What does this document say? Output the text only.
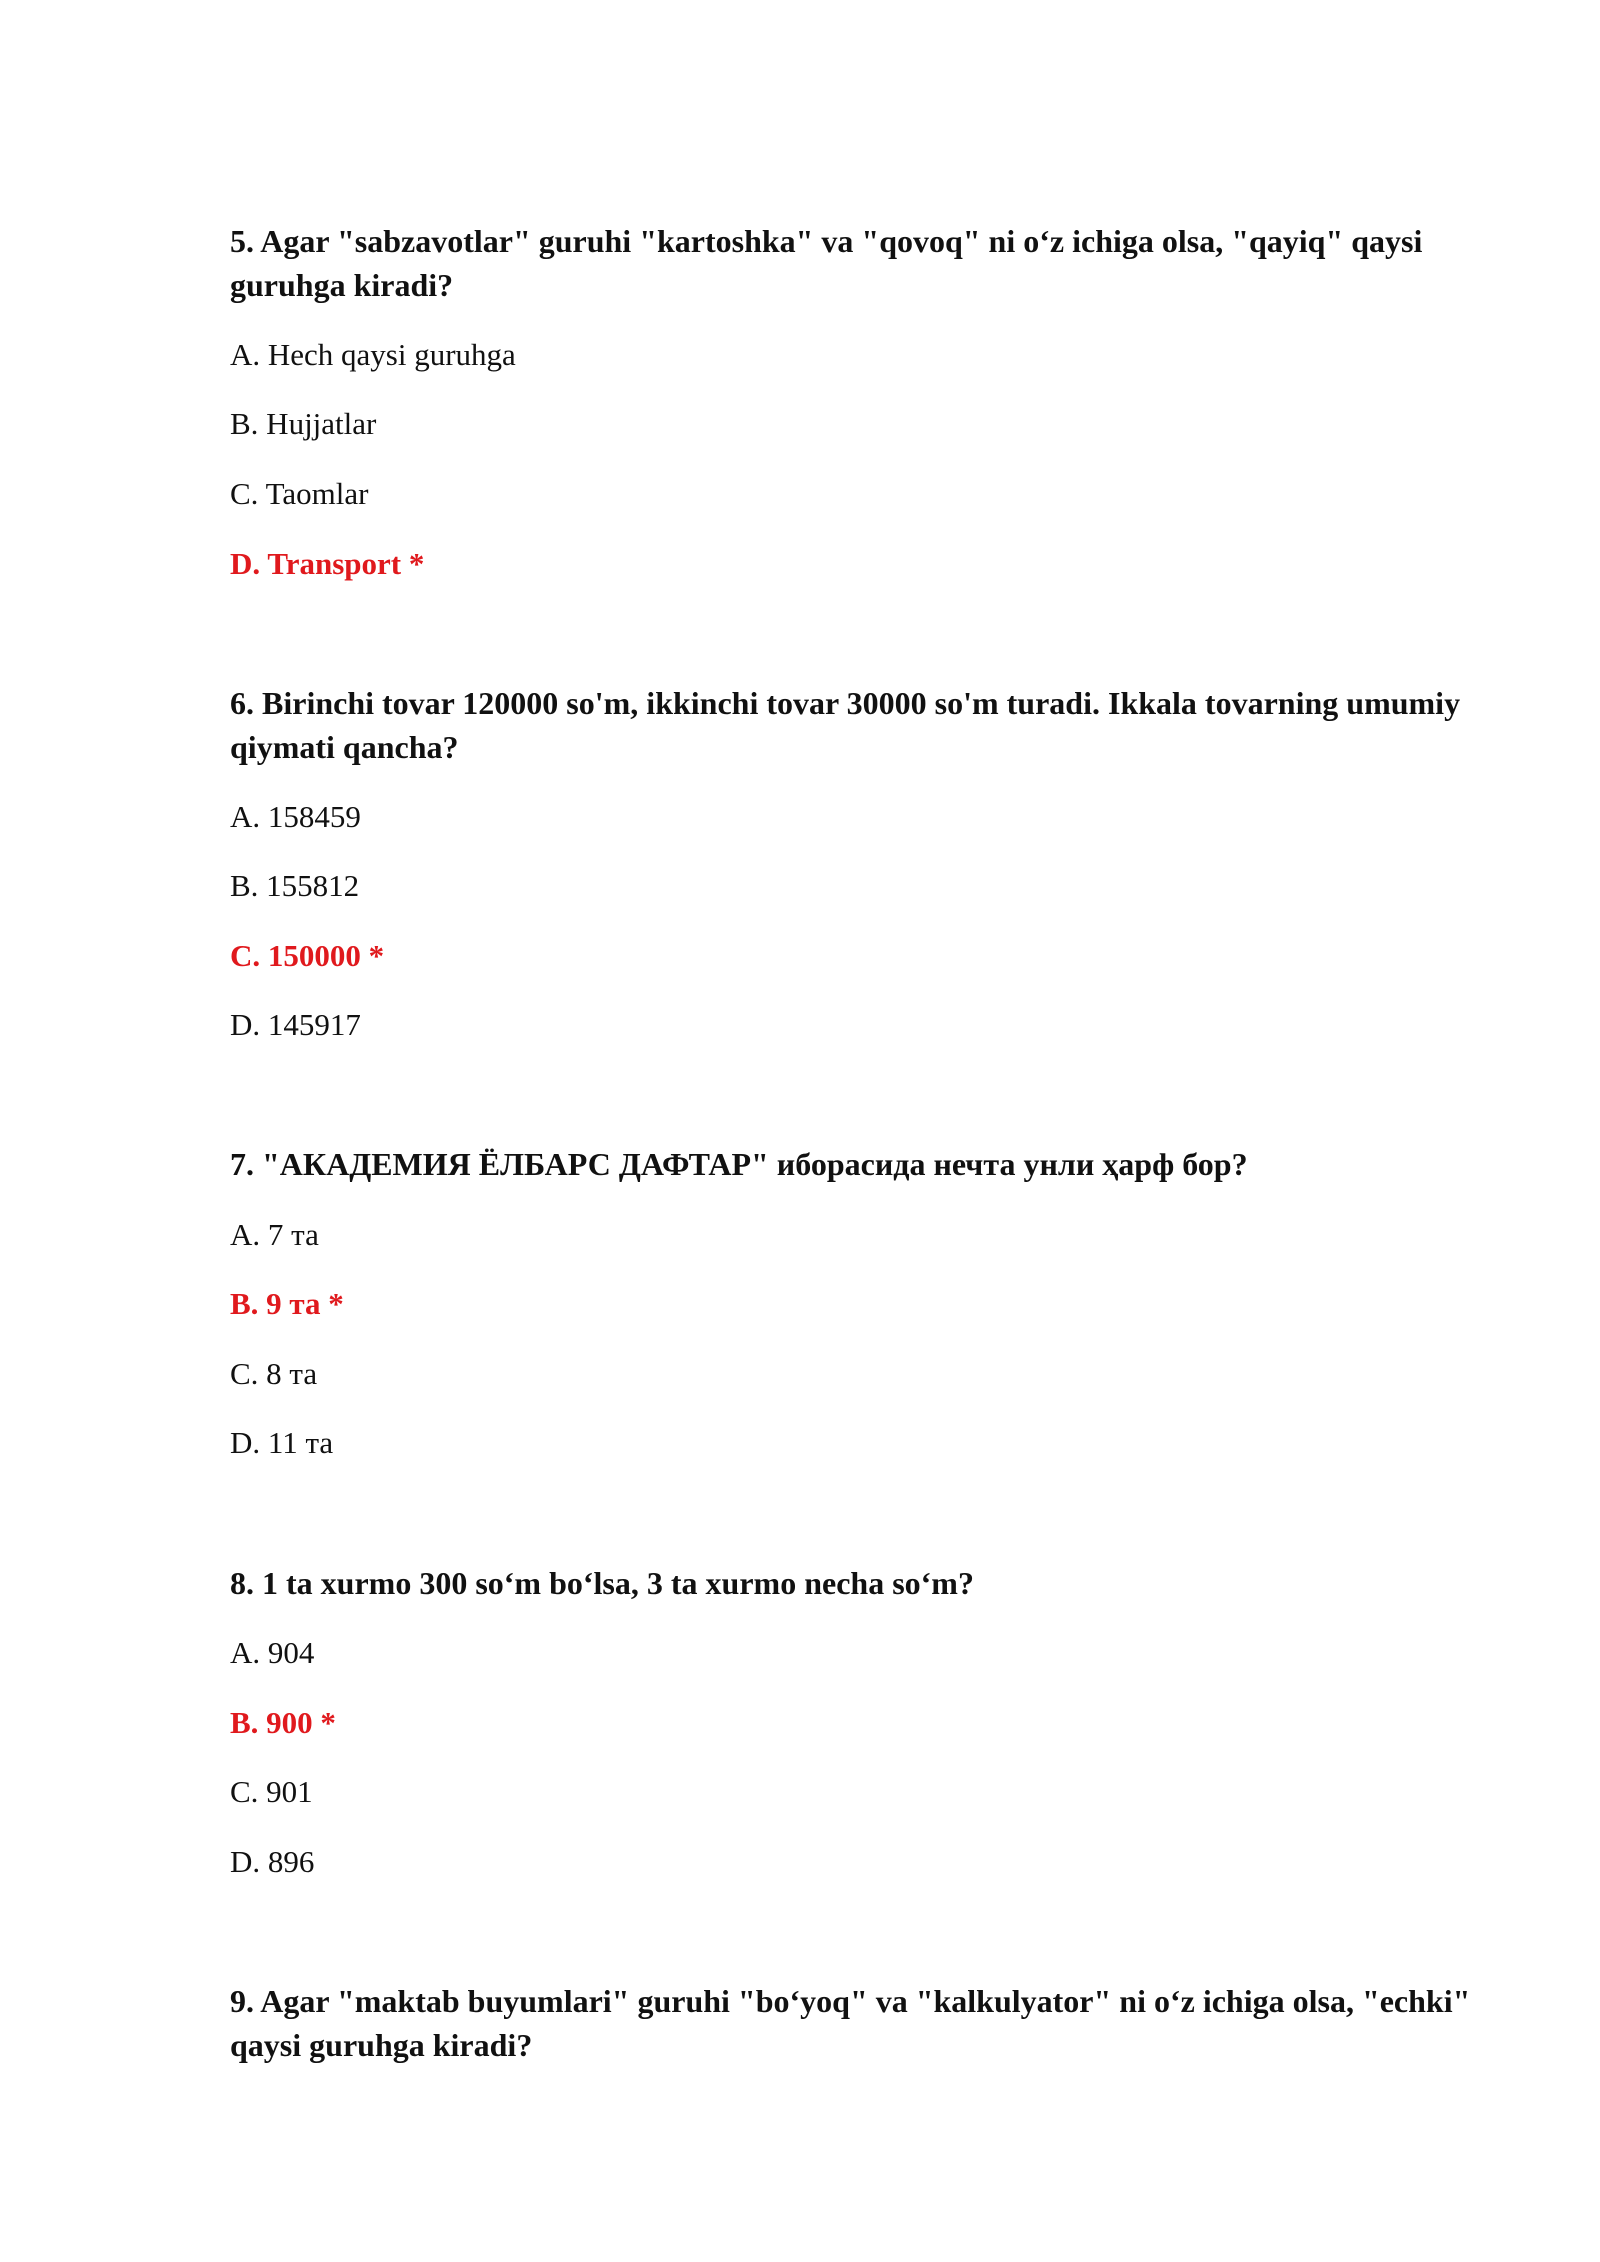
5. Agar "sabzavotlar" guruhi "kartoshka" va "qovoq" ni o‘z ichiga olsa, "qayiq" qaysi guruhga kiradi?
A. Hech qaysi guruhga
B. Hujjatlar
C. Taomlar
D. Transport *
6. Birinchi tovar 120000 so'm, ikkinchi tovar 30000 so'm turadi. Ikkala tovarning umumiy qiymati qancha?
A. 158459
B. 155812
C. 150000 *
D. 145917
7. "АКАДЕМИЯ ЁЛБАРС ДАФТАР" иборасида нечта унли ҳарф бор?
A. 7 та
B. 9 та *
C. 8 та
D. 11 та
8. 1 ta xurmo 300 so‘m bo‘lsa, 3 ta xurmo necha so‘m?
A. 904
B. 900 *
C. 901
D. 896
9. Agar "maktab buyumlari" guruhi "bo‘yoq" va "kalkulyator" ni o‘z ichiga olsa, "echki" qaysi guruhga kiradi?
